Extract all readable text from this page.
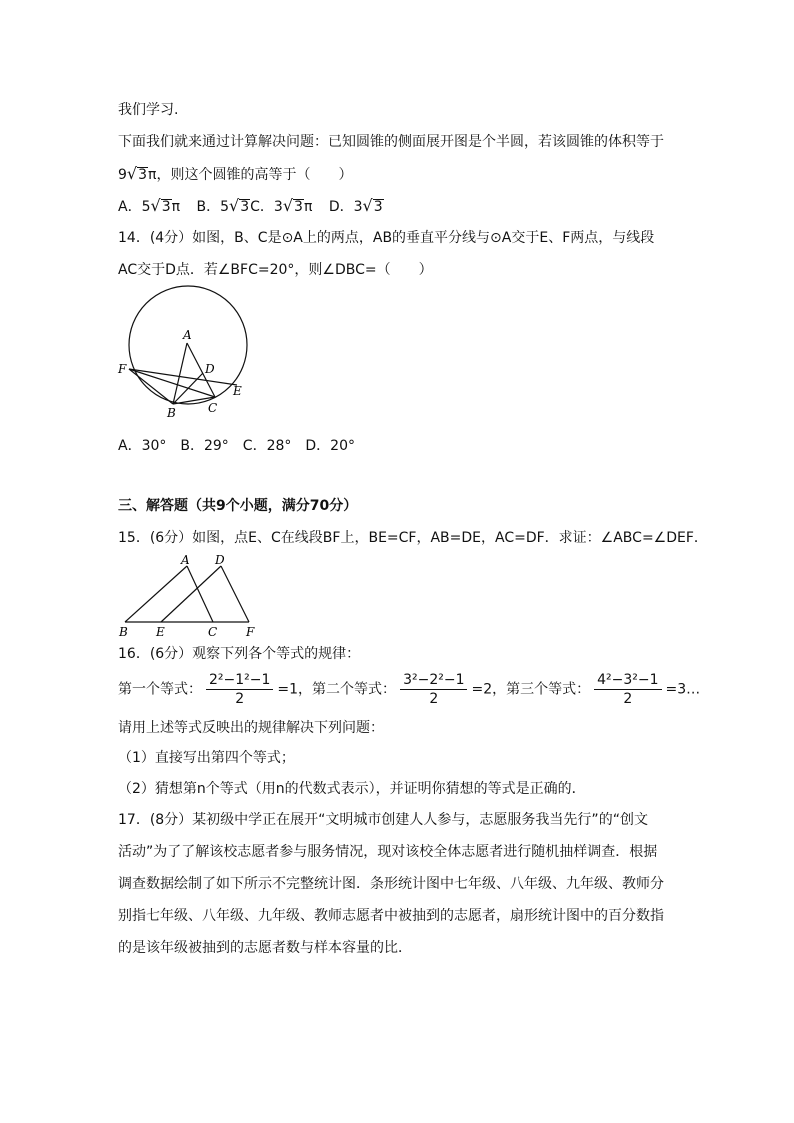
我们学习.
下面我们就来通过计算解决问题：已知圆锥的侧面展开图是个半圆，若该圆锥的体积等于
9√3π，则这个圆锥的高等于（　　）
A．5√3π B．5√3C．3√3π D．3√3
14．(4分）如图，B、C是⊙A上的两点，AB的垂直平分线与⊙A交于E、F两点，与线段
AC交于D点．若∠BFC=20°，则∠DBC=（　　）
A
D
F
E
B	C
A．30°　B．29°　C．28°　D．20°
三、解答题（共9个小题，满分70分）
15．(6分）如图，点E、C在线段BF上，BE=CF，AB=DE，AC=DF．求证：∠ABC=∠DEF．
A D
B E	C F
16．(6分）观察下列各个等式的规律：
第一个等式： $\frac{\text{2²−1²−1}}{2} =1$，第二个等式： $\frac{\text{3²−2²−1}}{2} =2$，第三个等式： $\frac{\text{4²−3²−1}}{2}$ =3…
请用上述等式反映出的规律解决下列问题：
（1）直接写出第四个等式；
（2）猜想第n个等式（用n的代数式表示），并证明你猜想的等式是正确的．
17．(8分）某初级中学正在展开“文明城市创建人人参与，志愿服务我当先行”的“创文
活动”为了了解该校志愿者参与服务情况，现对该校全体志愿者进行随机抽样调查．根据
调查数据绘制了如下所示不完整统计图．条形统计图中七年级、八年级、九年级、教师分
别指七年级、八年级、九年级、教师志愿者中被抽到的志愿者，扇形统计图中的百分数指
的是该年级被抽到的志愿者数与样本容量的比．
